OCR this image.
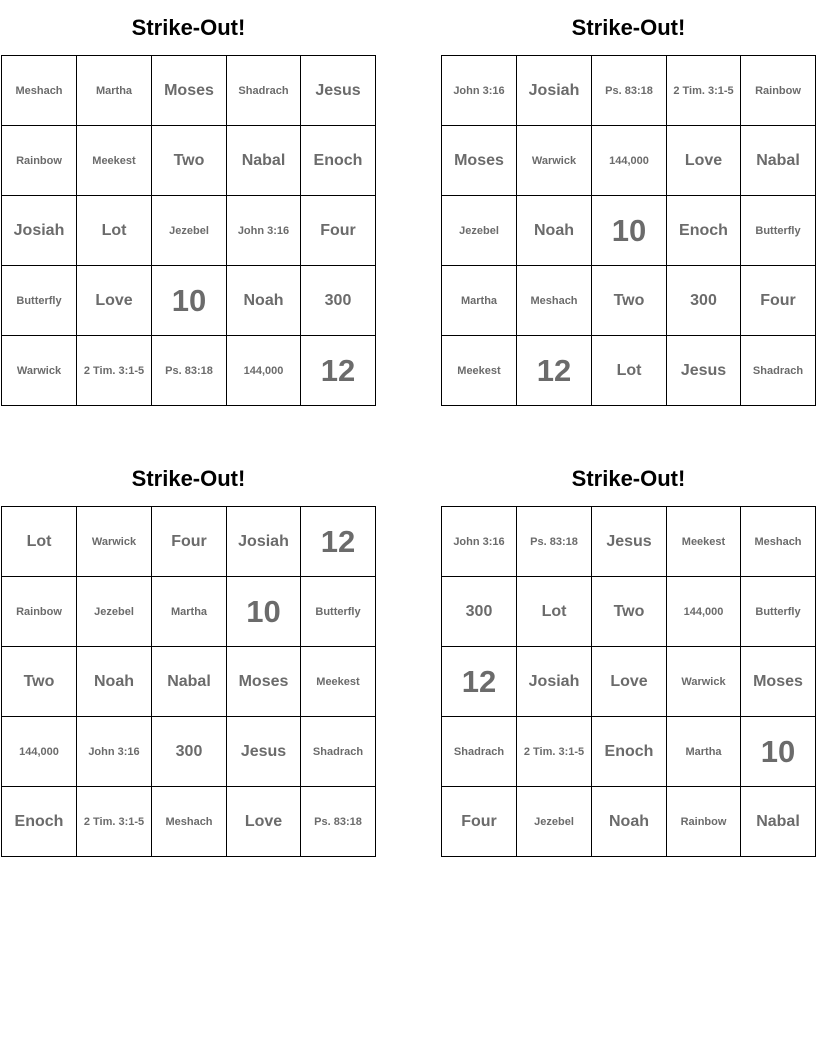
Strike-Out!
Meshach	Martha	Moses	Shadrach	Jesus
Rainbow	Meekest	Two	Nabal	Enoch
Josiah	Lot	Jezebel	John 3:16	Four
Butterfly	Love	10	Noah	300
Warwick	2 Tim. 3:1-5	Ps. 83:18	144,000	12
Strike-Out!
John 3:16	Josiah	Ps. 83:18	2 Tim. 3:1-5	Rainbow
Moses	Warwick	144,000	Love	Nabal
Jezebel	Noah	10	Enoch	Butterfly
Martha	Meshach	Two	300	Four
Meekest	12	Lot	Jesus	Shadrach
Strike-Out!
Lot	Warwick	Four	Josiah	12
Rainbow	Jezebel	Martha	10	Butterfly
Two	Noah	Nabal	Moses	Meekest
144,000	John 3:16	300	Jesus	Shadrach
Enoch	2 Tim. 3:1-5	Meshach	Love	Ps. 83:18
Strike-Out!
John 3:16	Ps. 83:18	Jesus	Meekest	Meshach
300	Lot	Two	144,000	Butterfly
12	Josiah	Love	Warwick	Moses
Shadrach	2 Tim. 3:1-5	Enoch	Martha	10
Four	Jezebel	Noah	Rainbow	Nabal
